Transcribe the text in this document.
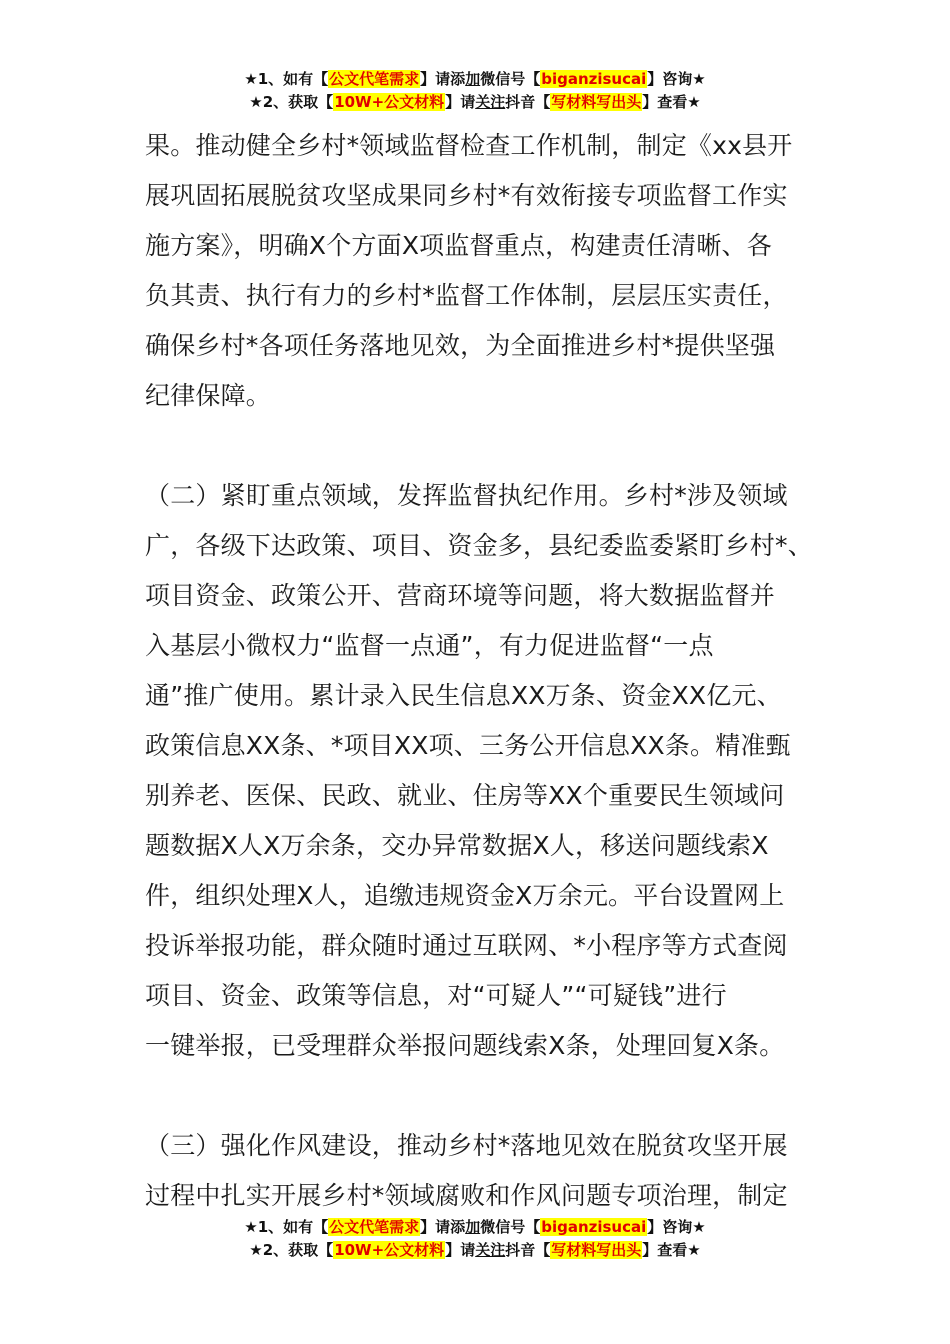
★1、如有【公文代笔需求】请添加微信号【biganzisucai】咨询★
★2、获取【10W+公文材料】请关注抖音【写材料写出头】查看★
果。推动健全乡村*领域监督检查工作机制，制定《xx县开
展巩固拓展脱贫攻坚成果同乡村*有效衔接专项监督工作实
施方案》，明确X个方面X项监督重点，构建责任清晰、各
负其责、执行有力的乡村*监督工作体制，层层压实责任，
确保乡村*各项任务落地见效，为全面推进乡村*提供坚强
纪律保障。
（二）紧盯重点领域，发挥监督执纪作用。乡村*涉及领域
广，各级下达政策、项目、资金多，县纪委监委紧盯乡村*、
项目资金、政策公开、营商环境等问题，将大数据监督并
入基层小微权力“监督一点通”，有力促进监督“一点
通”推广使用。累计录入民生信息XX万条、资金XX亿元、
政策信息XX条、*项目XX项、三务公开信息XX条。精准甄
别养老、医保、民政、就业、住房等XX个重要民生领域问
题数据X人X万余条，交办异常数据X人，移送问题线索X
件，组织处理X人，追缴违规资金X万余元。平台设置网上
投诉举报功能，群众随时通过互联网、*小程序等方式查阅
项目、资金、政策等信息，对“可疑人”“可疑钱”进行
一键举报，已受理群众举报问题线索X条，处理回复X条。
（三）强化作风建设，推动乡村*落地见效在脱贫攻坚开展
过程中扎实开展乡村*领域腐败和作风问题专项治理，制定
★1、如有【公文代笔需求】请添加微信号【biganzisucai】咨询★
★2、获取【10W+公文材料】请关注抖音【写材料写出头】查看★
